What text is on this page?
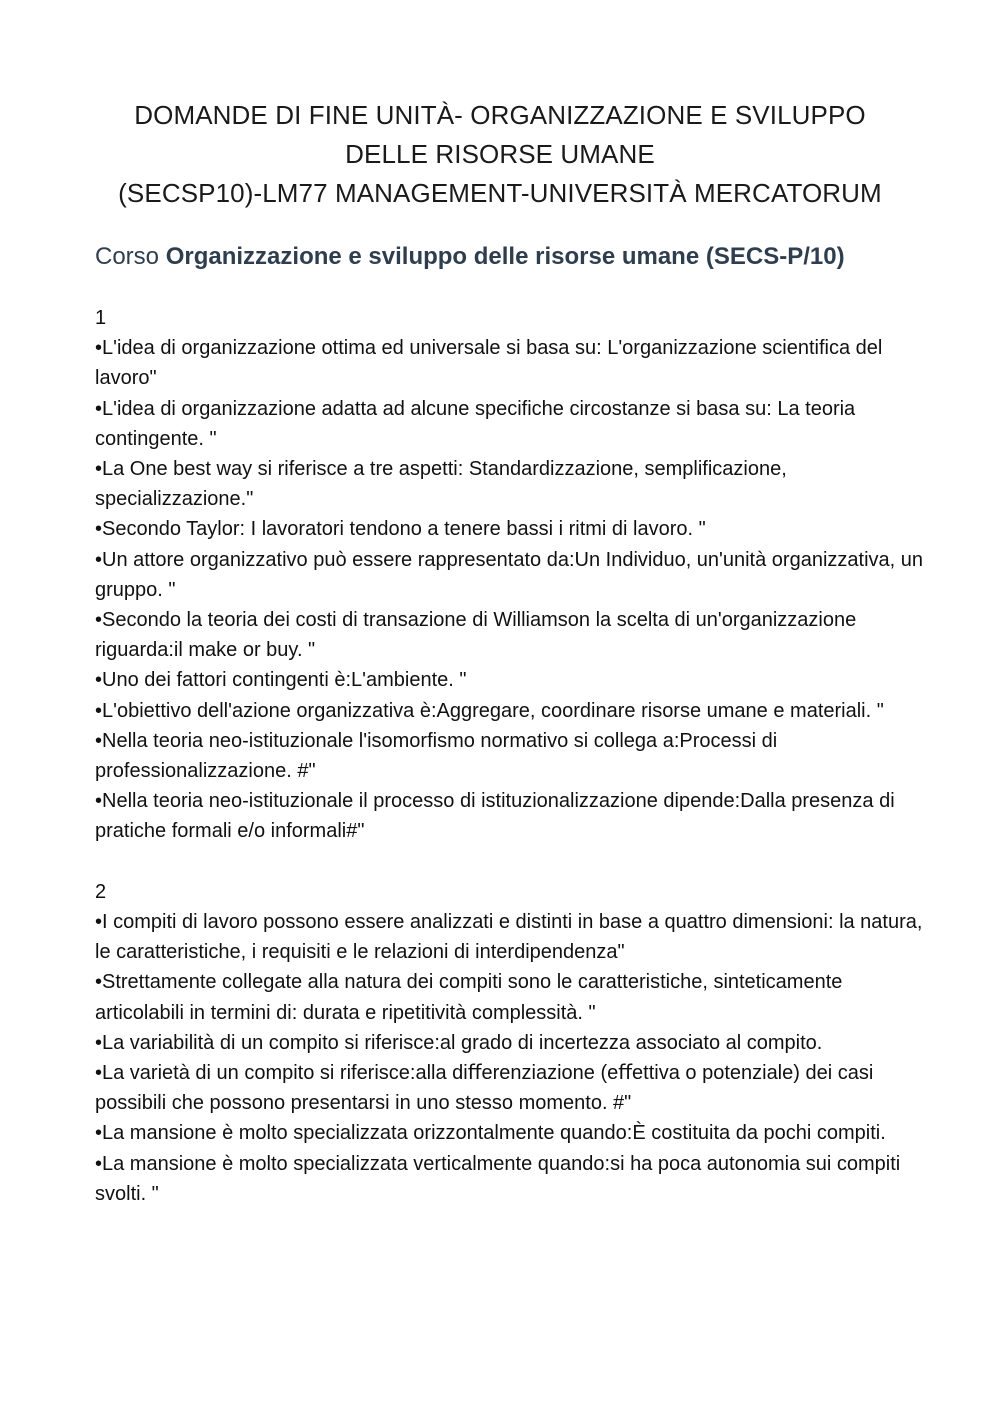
DOMANDE DI FINE UNITÀ- ORGANIZZAZIONE E SVILUPPO
DELLE RISORSE UMANE
(SECSP10)-LM77 MANAGEMENT-UNIVERSITÀ MERCATORUM
Corso Organizzazione e sviluppo delle risorse umane (SECS-P/10)
1
•L'idea di organizzazione ottima ed universale si basa su: L'organizzazione scientifica del lavoro"
•L'idea di organizzazione adatta ad alcune specifiche circostanze si basa su: La teoria contingente. "
•La One best way si riferisce a tre aspetti: Standardizzazione, semplificazione, specializzazione."
•Secondo Taylor: I lavoratori tendono a tenere bassi i ritmi di lavoro. "
•Un attore organizzativo può essere rappresentato da:Un Individuo, un'unità organizzativa, un gruppo. "
•Secondo la teoria dei costi di transazione di Williamson la scelta di un'organizzazione riguarda:il make or buy. "
•Uno dei fattori contingenti è:L'ambiente. "
•L'obiettivo dell'azione organizzativa è:Aggregare, coordinare risorse umane e materiali. "
•Nella teoria neo-istituzionale l'isomorfismo normativo si collega a:Processi di professionalizzazione. #"
•Nella teoria neo-istituzionale il processo di istituzionalizzazione dipende:Dalla presenza di pratiche formali e/o informali#"
2
•I compiti di lavoro possono essere analizzati e distinti in base a quattro dimensioni: la natura, le caratteristiche, i requisiti e le relazioni di interdipendenza"
•Strettamente collegate alla natura dei compiti sono le caratteristiche, sinteticamente articolabili in termini di: durata e ripetitività complessità. "
•La variabilità di un compito si riferisce:al grado di incertezza associato al compito.
•La varietà di un compito si riferisce:alla diﬀerenziazione (eﬀettiva o potenziale) dei casi possibili che possono presentarsi in uno stesso momento. #"
•La mansione è molto specializzata orizzontalmente quando:È costituita da pochi compiti.
•La mansione è molto specializzata verticalmente quando:si ha poca autonomia sui compiti svolti. "
